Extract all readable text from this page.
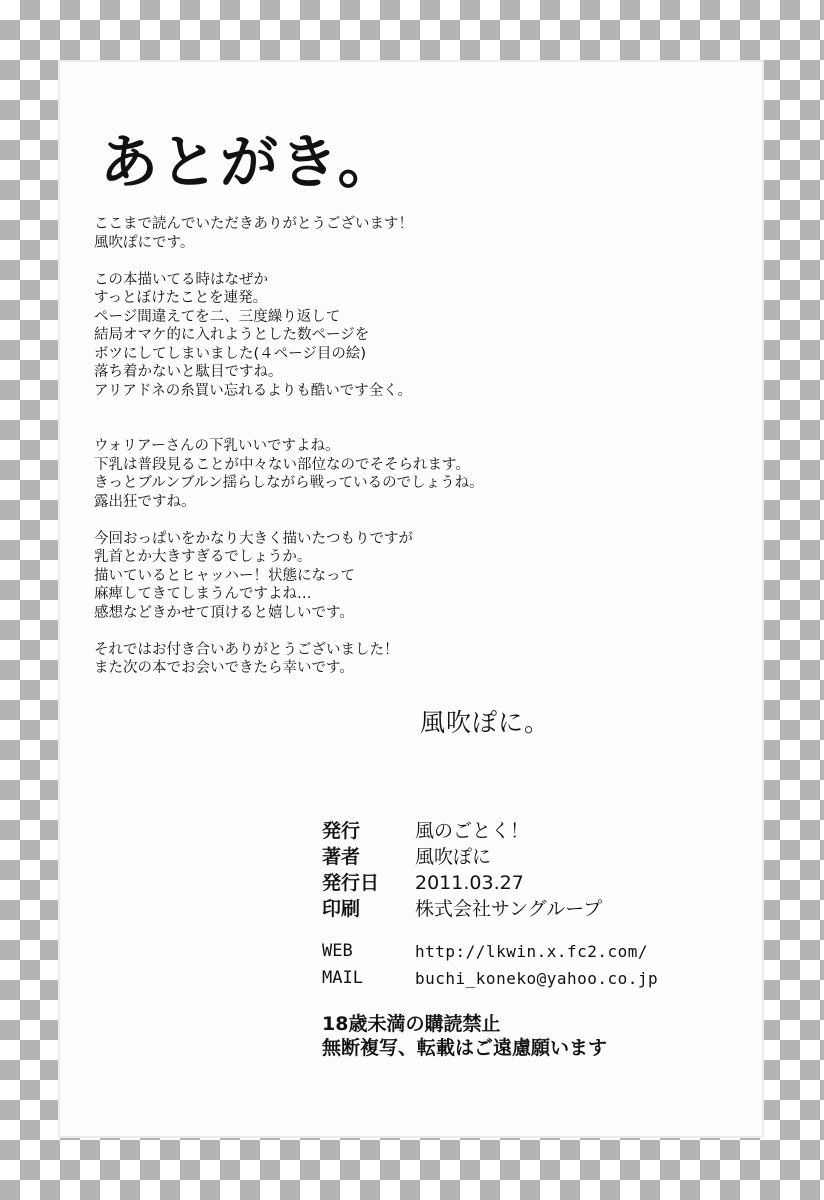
あとがき。
ここまで読んでいただきありがとうございます！
風吹ぽにです。
この本描いてる時はなぜか
すっとぼけたことを連発。
ページ間違えてを二、三度繰り返して
結局オマケ的に入れようとした数ページを
ボツにしてしまいました(４ページ目の絵)
落ち着かないと駄目ですね。
アリアドネの糸買い忘れるよりも酷いです全く。
ウォリアーさんの下乳いいですよね。
下乳は普段見ることが中々ない部位なのでそそられます。
きっとブルンブルン揺らしながら戦っているのでしょうね。
露出狂ですね。
今回おっぱいをかなり大きく描いたつもりですが
乳首とか大きすぎるでしょうか。
描いているとヒャッハー！状態になって
麻痺してきてしまうんですよね…
感想などきかせて頂けると嬉しいです。
それではお付き合いありがとうございました！
また次の本でお会いできたら幸いです。
風吹ぽに。
発行	風のごとく！
著者	風吹ぽに
発行日	2011.03.27
印刷	株式会社サングループ
WEB	http://lkwin.x.fc2.com/
MAIL	buchi_koneko@yahoo.co.jp
18歳未満の購読禁止
無断複写、転載はご遠慮願います
